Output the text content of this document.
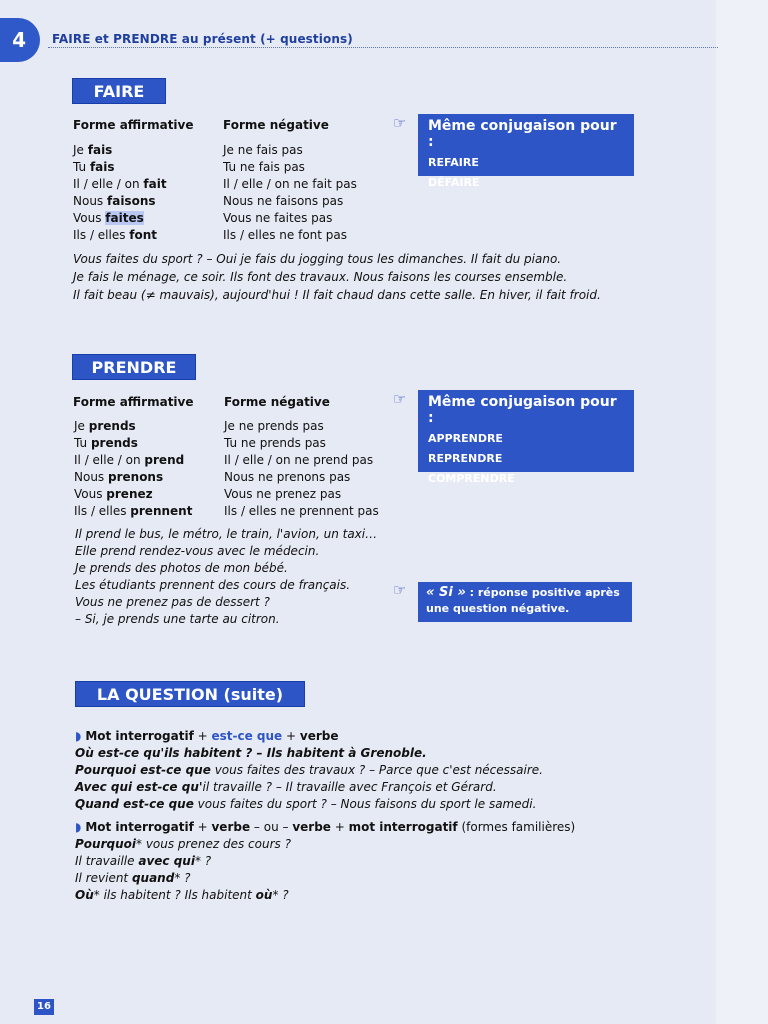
4	FAIRE et PRENDRE au présent (+ questions)
FAIRE
Forme affirmative Forme négative
Je fais
Tu fais
Il / elle / on fait
Nous faisons
Vous faites
Ils / elles font
Je ne fais pas
Tu ne fais pas
Il / elle / on ne fait pas
Nous ne faisons pas
Vous ne faites pas
Ils / elles ne font pas
☞ Même conjugaison pour :
REFAIRE
DÉFAIRE
Vous faites du sport ? – Oui je fais du jogging tous les dimanches. Il fait du piano.
Je fais le ménage, ce soir. Ils font des travaux. Nous faisons les courses ensemble.
Il fait beau (≠ mauvais), aujourd'hui ! Il fait chaud dans cette salle. En hiver, il fait froid.
PRENDRE
Forme affirmative	Forme négative
Je prends
Tu prends
Il / elle / on prend
Nous prenons
Vous prenez
Ils / elles prennent
Je ne prends pas
Tu ne prends pas
Il / elle / on ne prend pas
Nous ne prenons pas
Vous ne prenez pas
Ils / elles ne prennent pas
☞ Même conjugaison pour :
APPRENDRE
REPRENDRE
COMPRENDRE
Il prend le bus, le métro, le train, l'avion, un taxi…
Elle prend rendez-vous avec le médecin.
Je prends des photos de mon bébé.
Les étudiants prennent des cours de français.
Vous ne prenez pas de dessert ?
– Si, je prends une tarte au citron.
☞ « Si » : réponse positive après
une question négative.
LA QUESTION (suite)
◗ Mot interrogatif + est-ce que + verbe
Où est-ce qu'ils habitent ? – Ils habitent à Grenoble.
Pourquoi est-ce que vous faites des travaux ? – Parce que c'est nécessaire.
Avec qui est-ce qu'il travaille ? – Il travaille avec François et Gérard.
Quand est-ce que vous faites du sport ? – Nous faisons du sport le samedi.
◗ Mot interrogatif + verbe – ou – verbe + mot interrogatif (formes familières)
Pourquoi* vous prenez des cours ?
Il travaille avec qui* ?
Il revient quand* ?
Où* ils habitent ? Ils habitent où* ?
16
